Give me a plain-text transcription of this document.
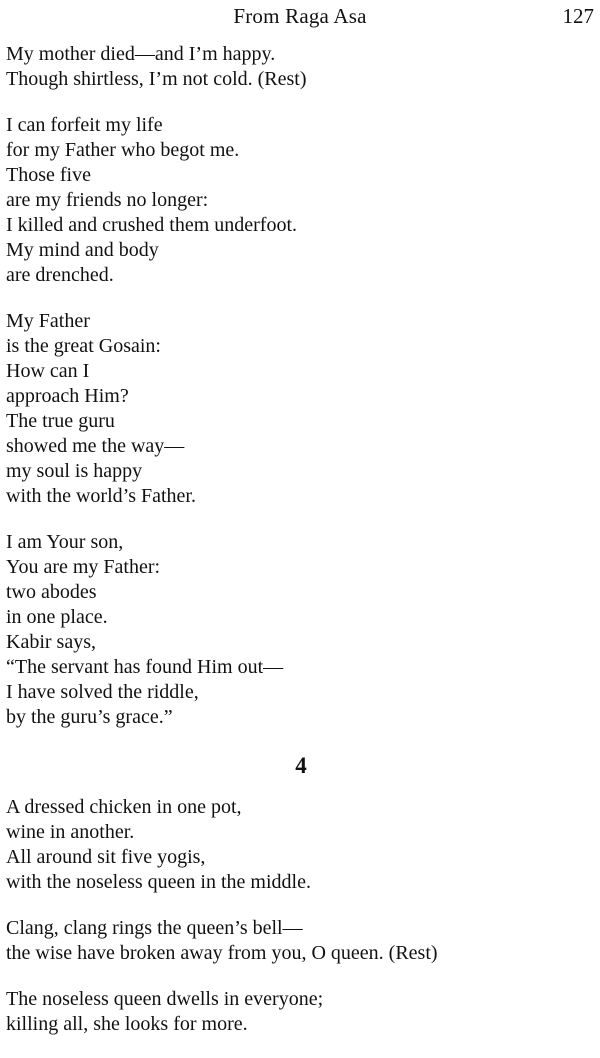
From Raga Asa	127
My mother died—and I’m happy.
Though shirtless, I’m not cold. (Rest)
I can forfeit my life
for my Father who begot me.
Those five
are my friends no longer:
I killed and crushed them underfoot.
My mind and body
are drenched.
My Father
is the great Gosain:
How can I
approach Him?
The true guru
showed me the way—
my soul is happy
with the world’s Father.
I am Your son,
You are my Father:
two abodes
in one place.
Kabir says,
“The servant has found Him out—
I have solved the riddle,
by the guru’s grace.”
4
A dressed chicken in one pot,
wine in another.
All around sit five yogis,
with the noseless queen in the middle.
Clang, clang rings the queen’s bell—
the wise have broken away from you, O queen. (Rest)
The noseless queen dwells in everyone;
killing all, she looks for more.
